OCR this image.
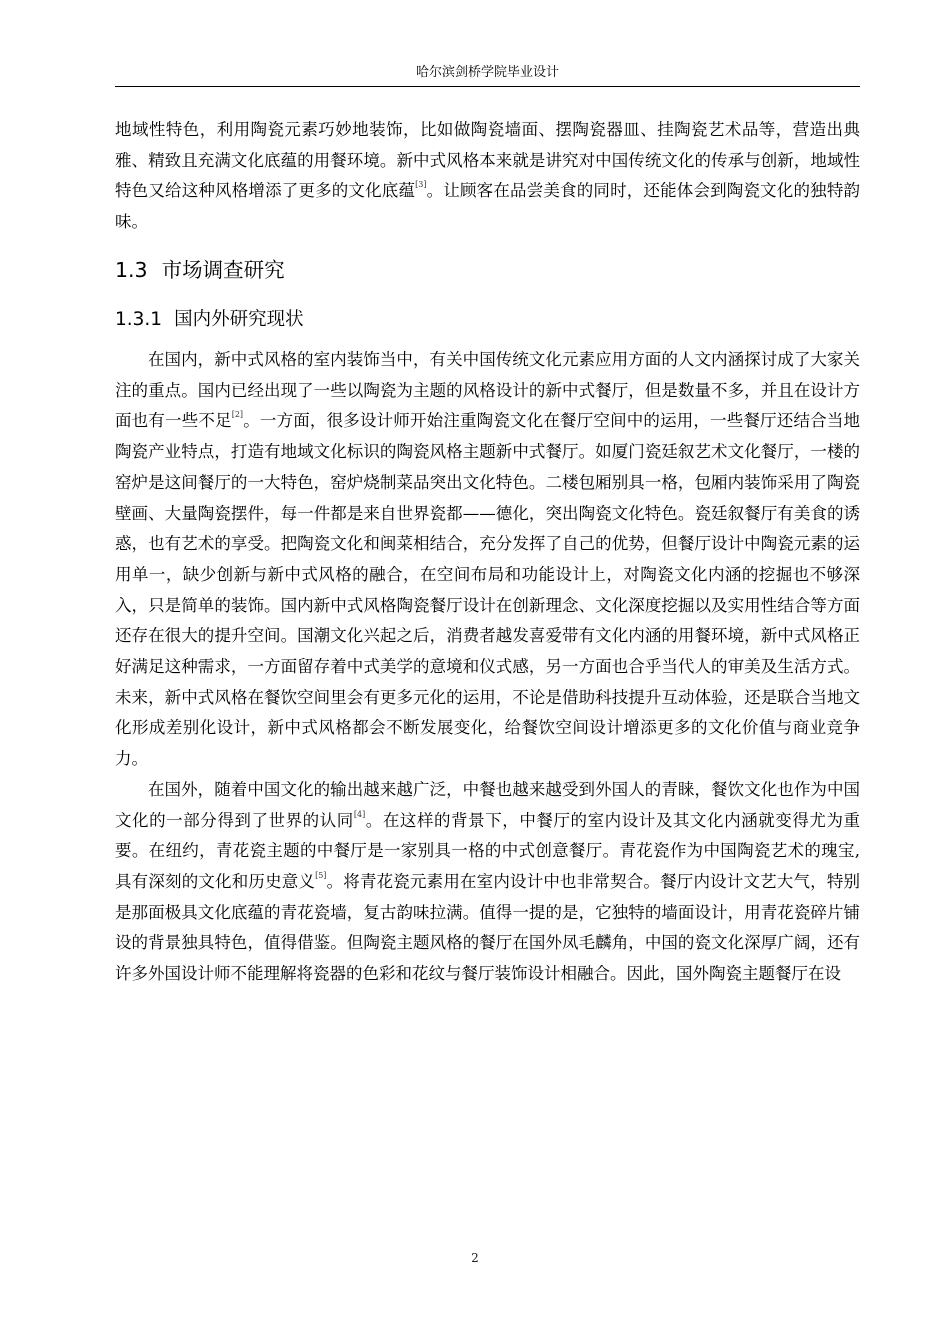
哈尔滨剑桥学院毕业设计

地域性特色，利用陶瓷元素巧妙地装饰，比如做陶瓷墙面、摆陶瓷器皿、挂陶瓷艺术品等，营造出典雅、精致且充满文化底蕴的用餐环境。新中式风格本来就是讲究对中国传统文化的传承与创新，地域性特色又给这种风格增添了更多的文化底蕴[3]。让顾客在品尝美食的同时，还能体会到陶瓷文化的独特韵味。

1.3 市场调查研究
1.3.1 国内外研究现状

在国内，新中式风格的室内装饰当中，有关中国传统文化元素应用方面的人文内涵探讨成了大家关注的重点。国内已经出现了一些以陶瓷为主题的风格设计的新中式餐厅，但是数量不多，并且在设计方面也有一些不足[2]。一方面，很多设计师开始注重陶瓷文化在餐厅空间中的运用，一些餐厅还结合当地陶瓷产业特点，打造有地域文化标识的陶瓷风格主题新中式餐厅。如厦门瓷廷叙艺术文化餐厅，一楼的窑炉是这间餐厅的一大特色，窑炉烧制菜品突出文化特色。二楼包厢别具一格，包厢内装饰采用了陶瓷壁画、大量陶瓷摆件，每一件都是来自世界瓷都——德化，突出陶瓷文化特色。瓷廷叙餐厅有美食的诱惑，也有艺术的享受。把陶瓷文化和闽菜相结合，充分发挥了自己的优势，但餐厅设计中陶瓷元素的运用单一，缺少创新与新中式风格的融合，在空间布局和功能设计上，对陶瓷文化内涵的挖掘也不够深入，只是简单的装饰。国内新中式风格陶瓷餐厅设计在创新理念、文化深度挖掘以及实用性结合等方面还存在很大的提升空间。国潮文化兴起之后，消费者越发喜爱带有文化内涵的用餐环境，新中式风格正好满足这种需求，一方面留存着中式美学的意境和仪式感，另一方面也合乎当代人的审美及生活方式。未来，新中式风格在餐饮空间里会有更多元化的运用，不论是借助科技提升互动体验，还是联合当地文化形成差别化设计，新中式风格都会不断发展变化，给餐饮空间设计增添更多的文化价值与商业竞争力。

在国外，随着中国文化的输出越来越广泛，中餐也越来越受到外国人的青睐，餐饮文化也作为中国文化的一部分得到了世界的认同[4]。在这样的背景下，中餐厅的室内设计及其文化内涵就变得尤为重要。在纽约，青花瓷主题的中餐厅是一家别具一格的中式创意餐厅。青花瓷作为中国陶瓷艺术的瑰宝,具有深刻的文化和历史意义[5]。将青花瓷元素用在室内设计中也非常契合。餐厅内设计文艺大气，特别是那面极具文化底蕴的青花瓷墙，复古韵味拉满。值得一提的是，它独特的墙面设计，用青花瓷碎片铺设的背景独具特色，值得借鉴。但陶瓷主题风格的餐厅在国外凤毛麟角，中国的瓷文化深厚广阔，还有许多外国设计师不能理解将瓷器的色彩和花纹与餐厅装饰设计相融合。因此，国外陶瓷主题餐厅在设

2
